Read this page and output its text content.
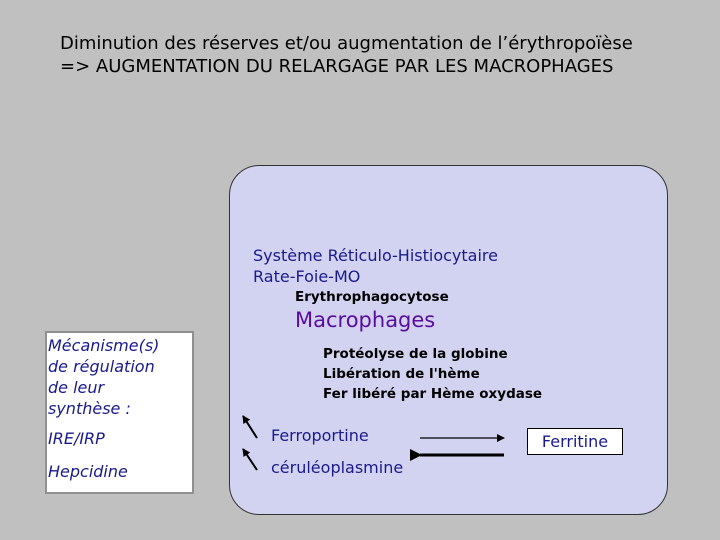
Diminution des réserves et/ou augmentation de l’érythropoïèse
=> AUGMENTATION DU RELARGAGE PAR LES MACROPHAGES
Système Réticulo-Histiocytaire
Rate-Foie-MO
Erythrophagocytose
Macrophages
Protéolyse de la globine
Libération de l'hème
Fer libéré par Hème oxydase
Ferroportine
céruléoplasmine
Ferritine
Mécanisme(s)
de régulation
de leur
synthèse :
IRE/IRP
Hepcidine
